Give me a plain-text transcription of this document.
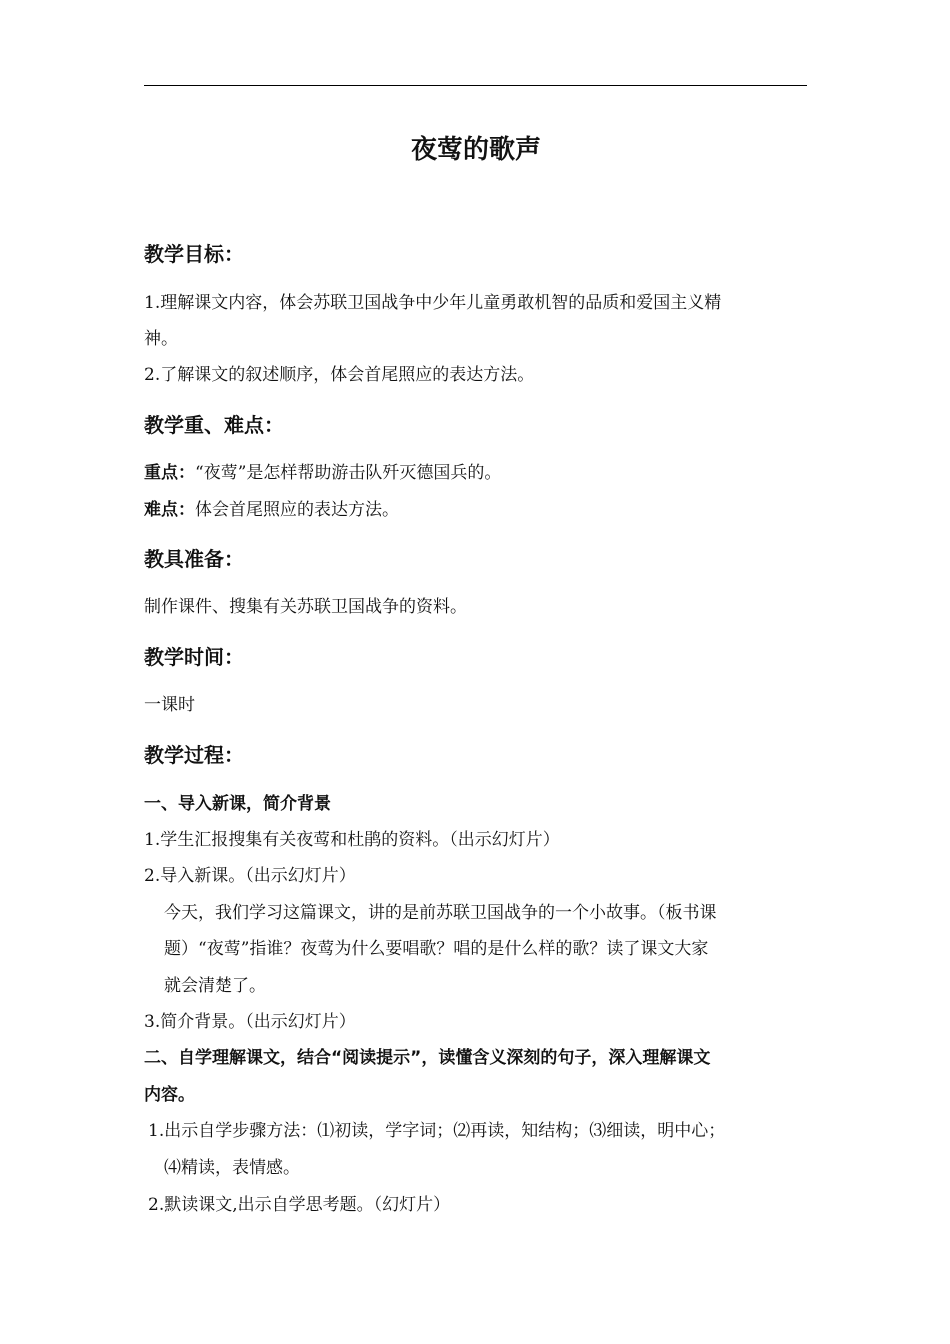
夜莺的歌声
教学目标：
1.理解课文内容，体会苏联卫国战争中少年儿童勇敢机智的品质和爱国主义精
神。
2.了解课文的叙述顺序，体会首尾照应的表达方法。
教学重、难点：
重点：“夜莺”是怎样帮助游击队歼灭德国兵的。
难点：体会首尾照应的表达方法。
教具准备：
制作课件、搜集有关苏联卫国战争的资料。
教学时间：
一课时
教学过程：
一、导入新课，简介背景
1.学生汇报搜集有关夜莺和杜鹃的资料。（出示幻灯片）
2.导入新课。（出示幻灯片）
今天，我们学习这篇课文，讲的是前苏联卫国战争的一个小故事。（板书课
题）“夜莺”指谁？夜莺为什么要唱歌？唱的是什么样的歌？读了课文大家
就会清楚了。
3.简介背景。（出示幻灯片）
二、自学理解课文，结合“阅读提示”，读懂含义深刻的句子，深入理解课文
内容。
1.出示自学步骤方法：⑴初读，学字词；⑵再读，知结构；⑶细读，明中心；
⑷精读，表情感。
2.默读课文,出示自学思考题。（幻灯片）
